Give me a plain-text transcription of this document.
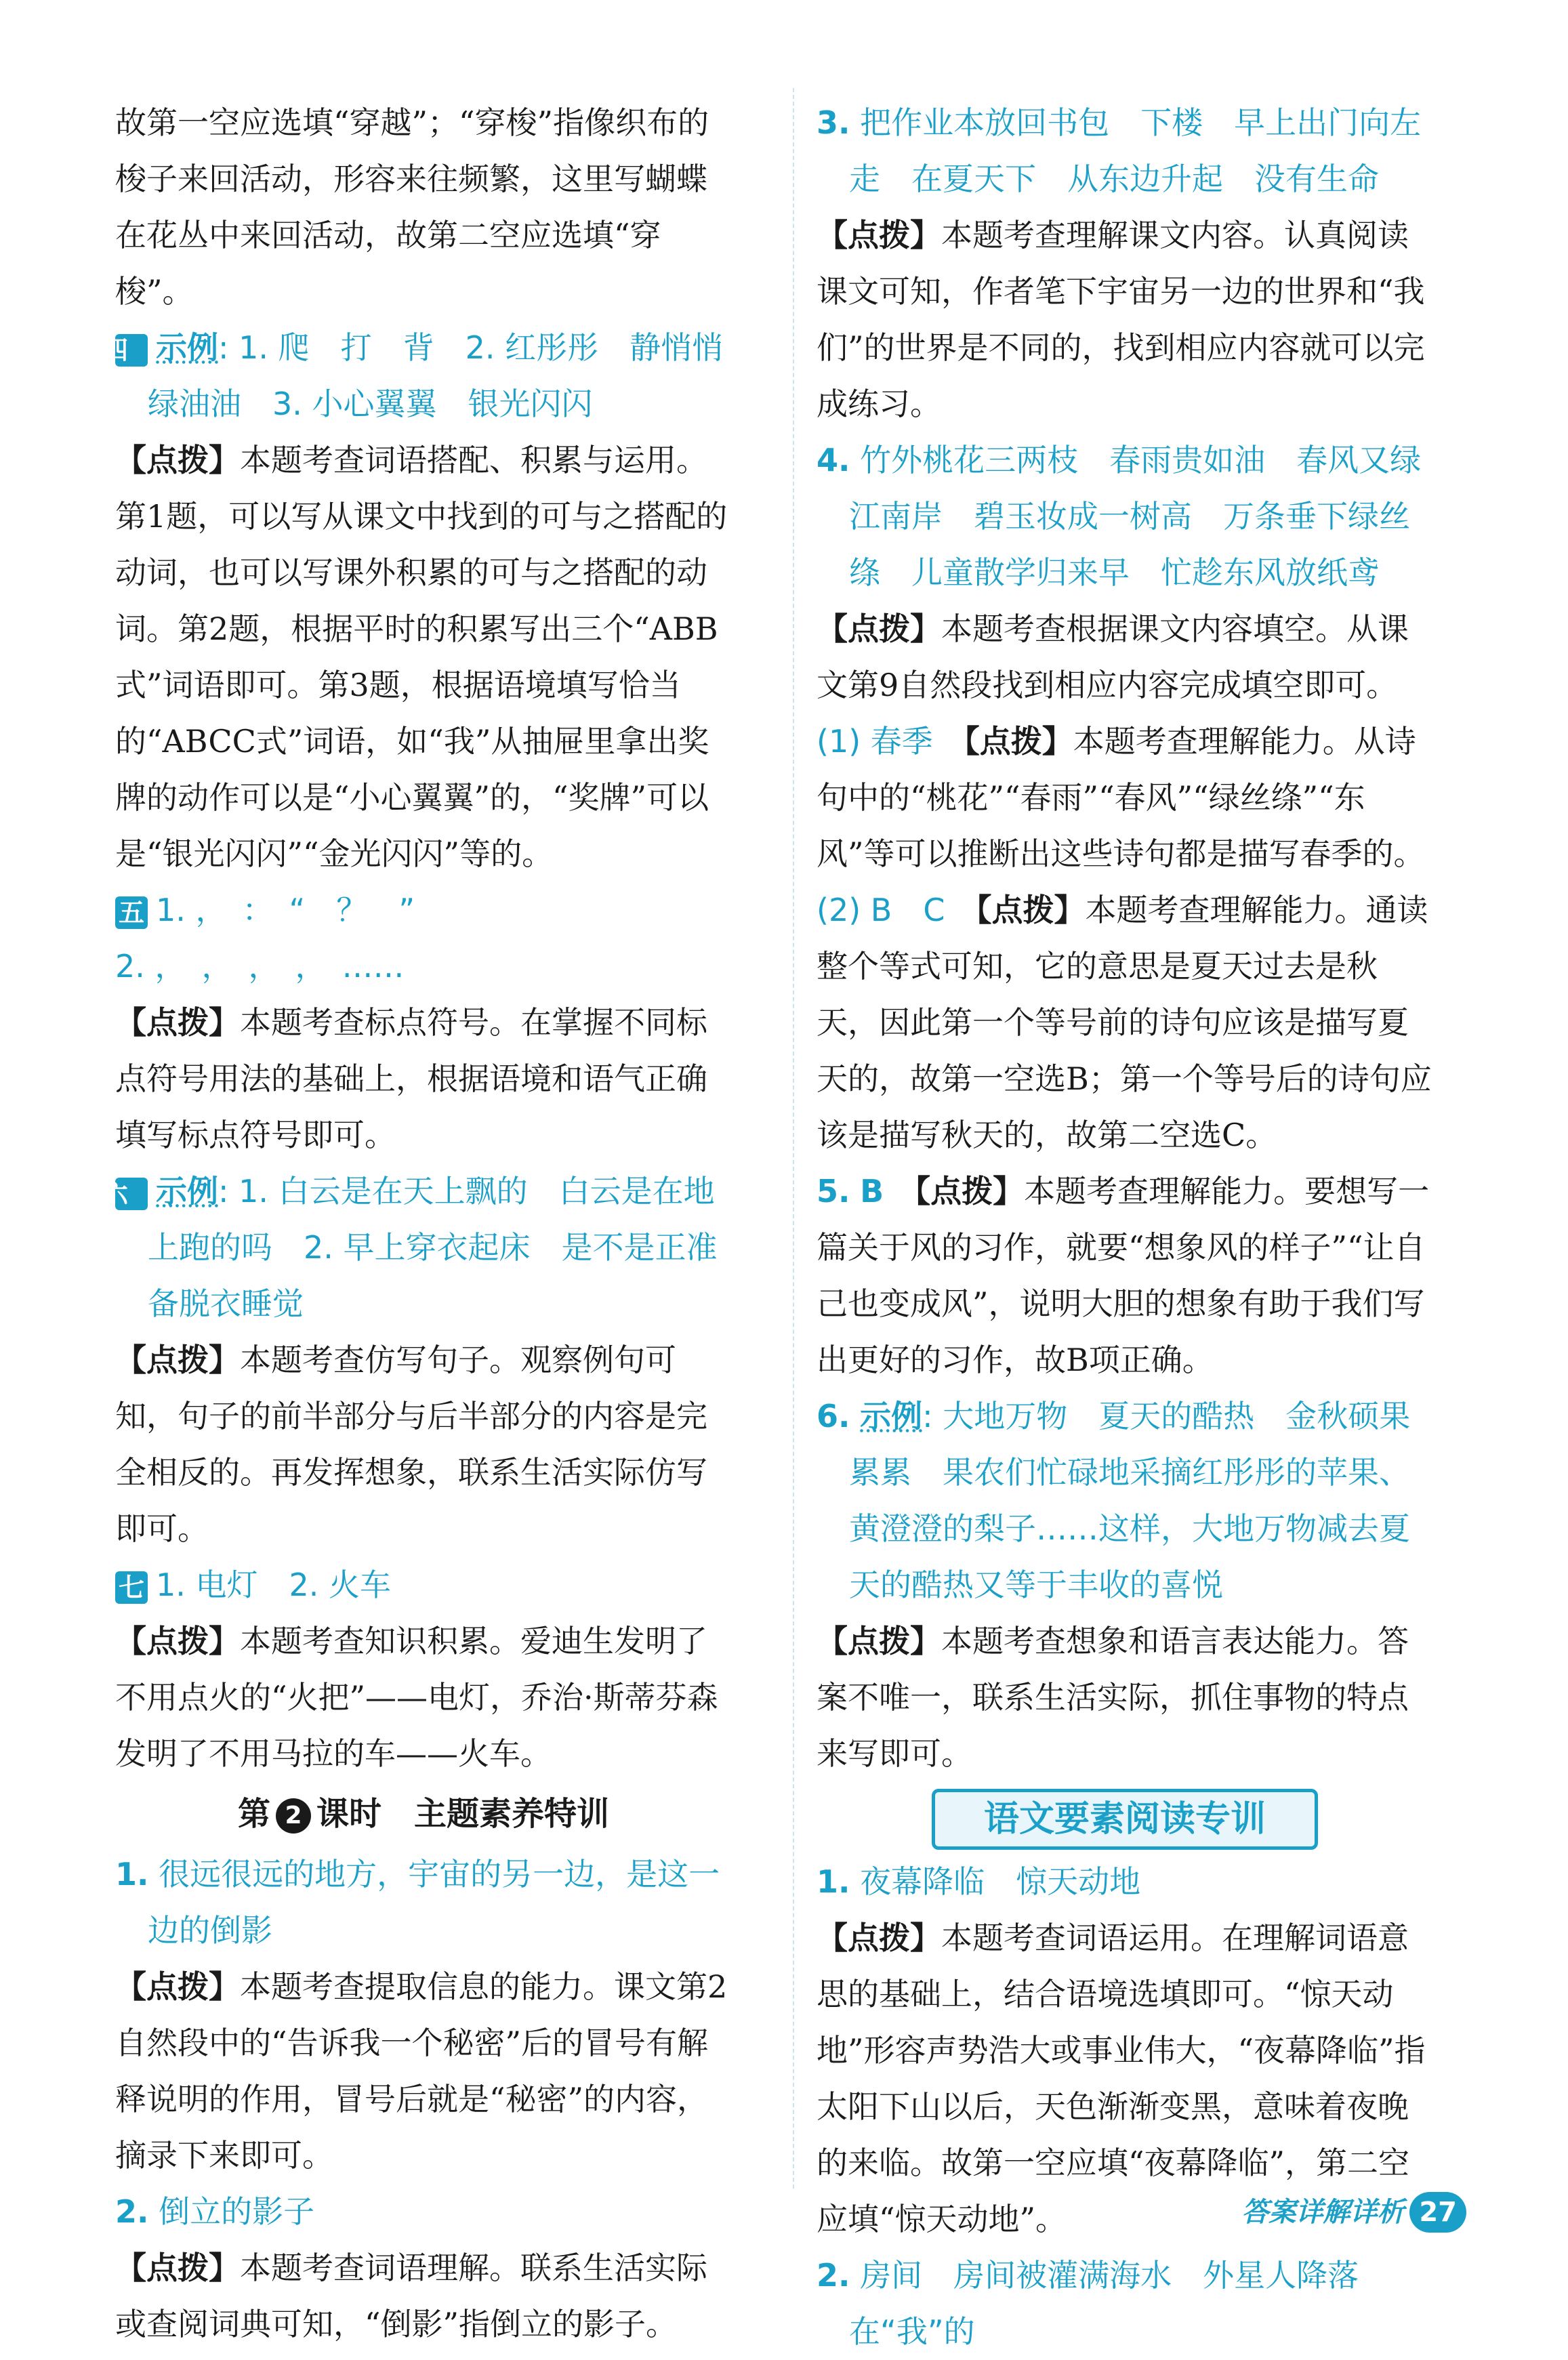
故第一空应选填“穿越”；“穿梭”指像织布的梭子来回活动，形容来往频繁，这里写蝴蝶在花丛中来回活动，故第二空应选填“穿梭”。
四 示例: 1. 爬　打　背　2. 红彤彤　静悄悄　绿油油　3. 小心翼翼　银光闪闪
【点拨】本题考查词语搭配、积累与运用。第1题，可以写从课文中找到的可与之搭配的动词，也可以写课外积累的可与之搭配的动词。第2题，根据平时的积累写出三个“ABB式”词语即可。第3题，根据语境填写恰当的“ABCC式”词语，如“我”从抽屉里拿出奖牌的动作可以是“小心翼翼”的，“奖牌”可以是“银光闪闪”“金光闪闪”等的。
五 1. ，　：　“　？　”
2. ，　，　，　，　……
【点拨】本题考查标点符号。在掌握不同标点符号用法的基础上，根据语境和语气正确填写标点符号即可。
六 示例: 1. 白云是在天上飘的　白云是在地上跑的吗　2. 早上穿衣起床　是不是正准备脱衣睡觉
【点拨】本题考查仿写句子。观察例句可知，句子的前半部分与后半部分的内容是完全相反的。再发挥想象，联系生活实际仿写即可。
七 1. 电灯　2. 火车
【点拨】本题考查知识积累。爱迪生发明了不用点火的“火把”——电灯，乔治·斯蒂芬森发明了不用马拉的车——火车。
第 2 课时　主题素养特训
1. 很远很远的地方，宇宙的另一边，是这一边的倒影
【点拨】本题考查提取信息的能力。课文第2自然段中的“告诉我一个秘密”后的冒号有解释说明的作用，冒号后就是“秘密”的内容，摘录下来即可。
2. 倒立的影子
【点拨】本题考查词语理解。联系生活实际或查阅词典可知，“倒影”指倒立的影子。
3. 把作业本放回书包　下楼　早上出门向左走　在夏天下　从东边升起　没有生命
【点拨】本题考查理解课文内容。认真阅读课文可知，作者笔下宇宙另一边的世界和“我们”的世界是不同的，找到相应内容就可以完成练习。
4. 竹外桃花三两枝　春雨贵如油　春风又绿江南岸　碧玉妆成一树高　万条垂下绿丝绦　儿童散学归来早　忙趁东风放纸鸢
【点拨】本题考查根据课文内容填空。从课文第9自然段找到相应内容完成填空即可。
(1) 春季　 【点拨】本题考查理解能力。从诗句中的“桃花”“春雨”“春风”“绿丝绦”“东风”等可以推断出这些诗句都是描写春季的。
(2) B　C　 【点拨】本题考查理解能力。通读整个等式可知，它的意思是夏天过去是秋天，因此第一个等号前的诗句应该是描写夏天的，故第一空选B；第一个等号后的诗句应该是描写秋天的，故第二空选C。
5. B　 【点拨】本题考查理解能力。要想写一篇关于风的习作，就要“想象风的样子”“让自己也变成风”，说明大胆的想象有助于我们写出更好的习作，故B项正确。
6. 示例: 大地万物　夏天的酷热　金秋硕果累累　果农们忙碌地采摘红彤彤的苹果、黄澄澄的梨子……这样，大地万物减去夏天的酷热又等于丰收的喜悦
【点拨】本题考查想象和语言表达能力。答案不唯一，联系生活实际，抓住事物的特点来写即可。
语文要素阅读专训
1. 夜幕降临　惊天动地
【点拨】本题考查词语运用。在理解词语意思的基础上，结合语境选填即可。“惊天动地”形容声势浩大或事业伟大，“夜幕降临”指太阳下山以后，天色渐渐变黑，意味着夜晚的来临。故第一空应填“夜幕降临”，第二空应填“惊天动地”。
2. 房间　房间被灌满海水　外星人降落在“我”的
答案详解详析 27
